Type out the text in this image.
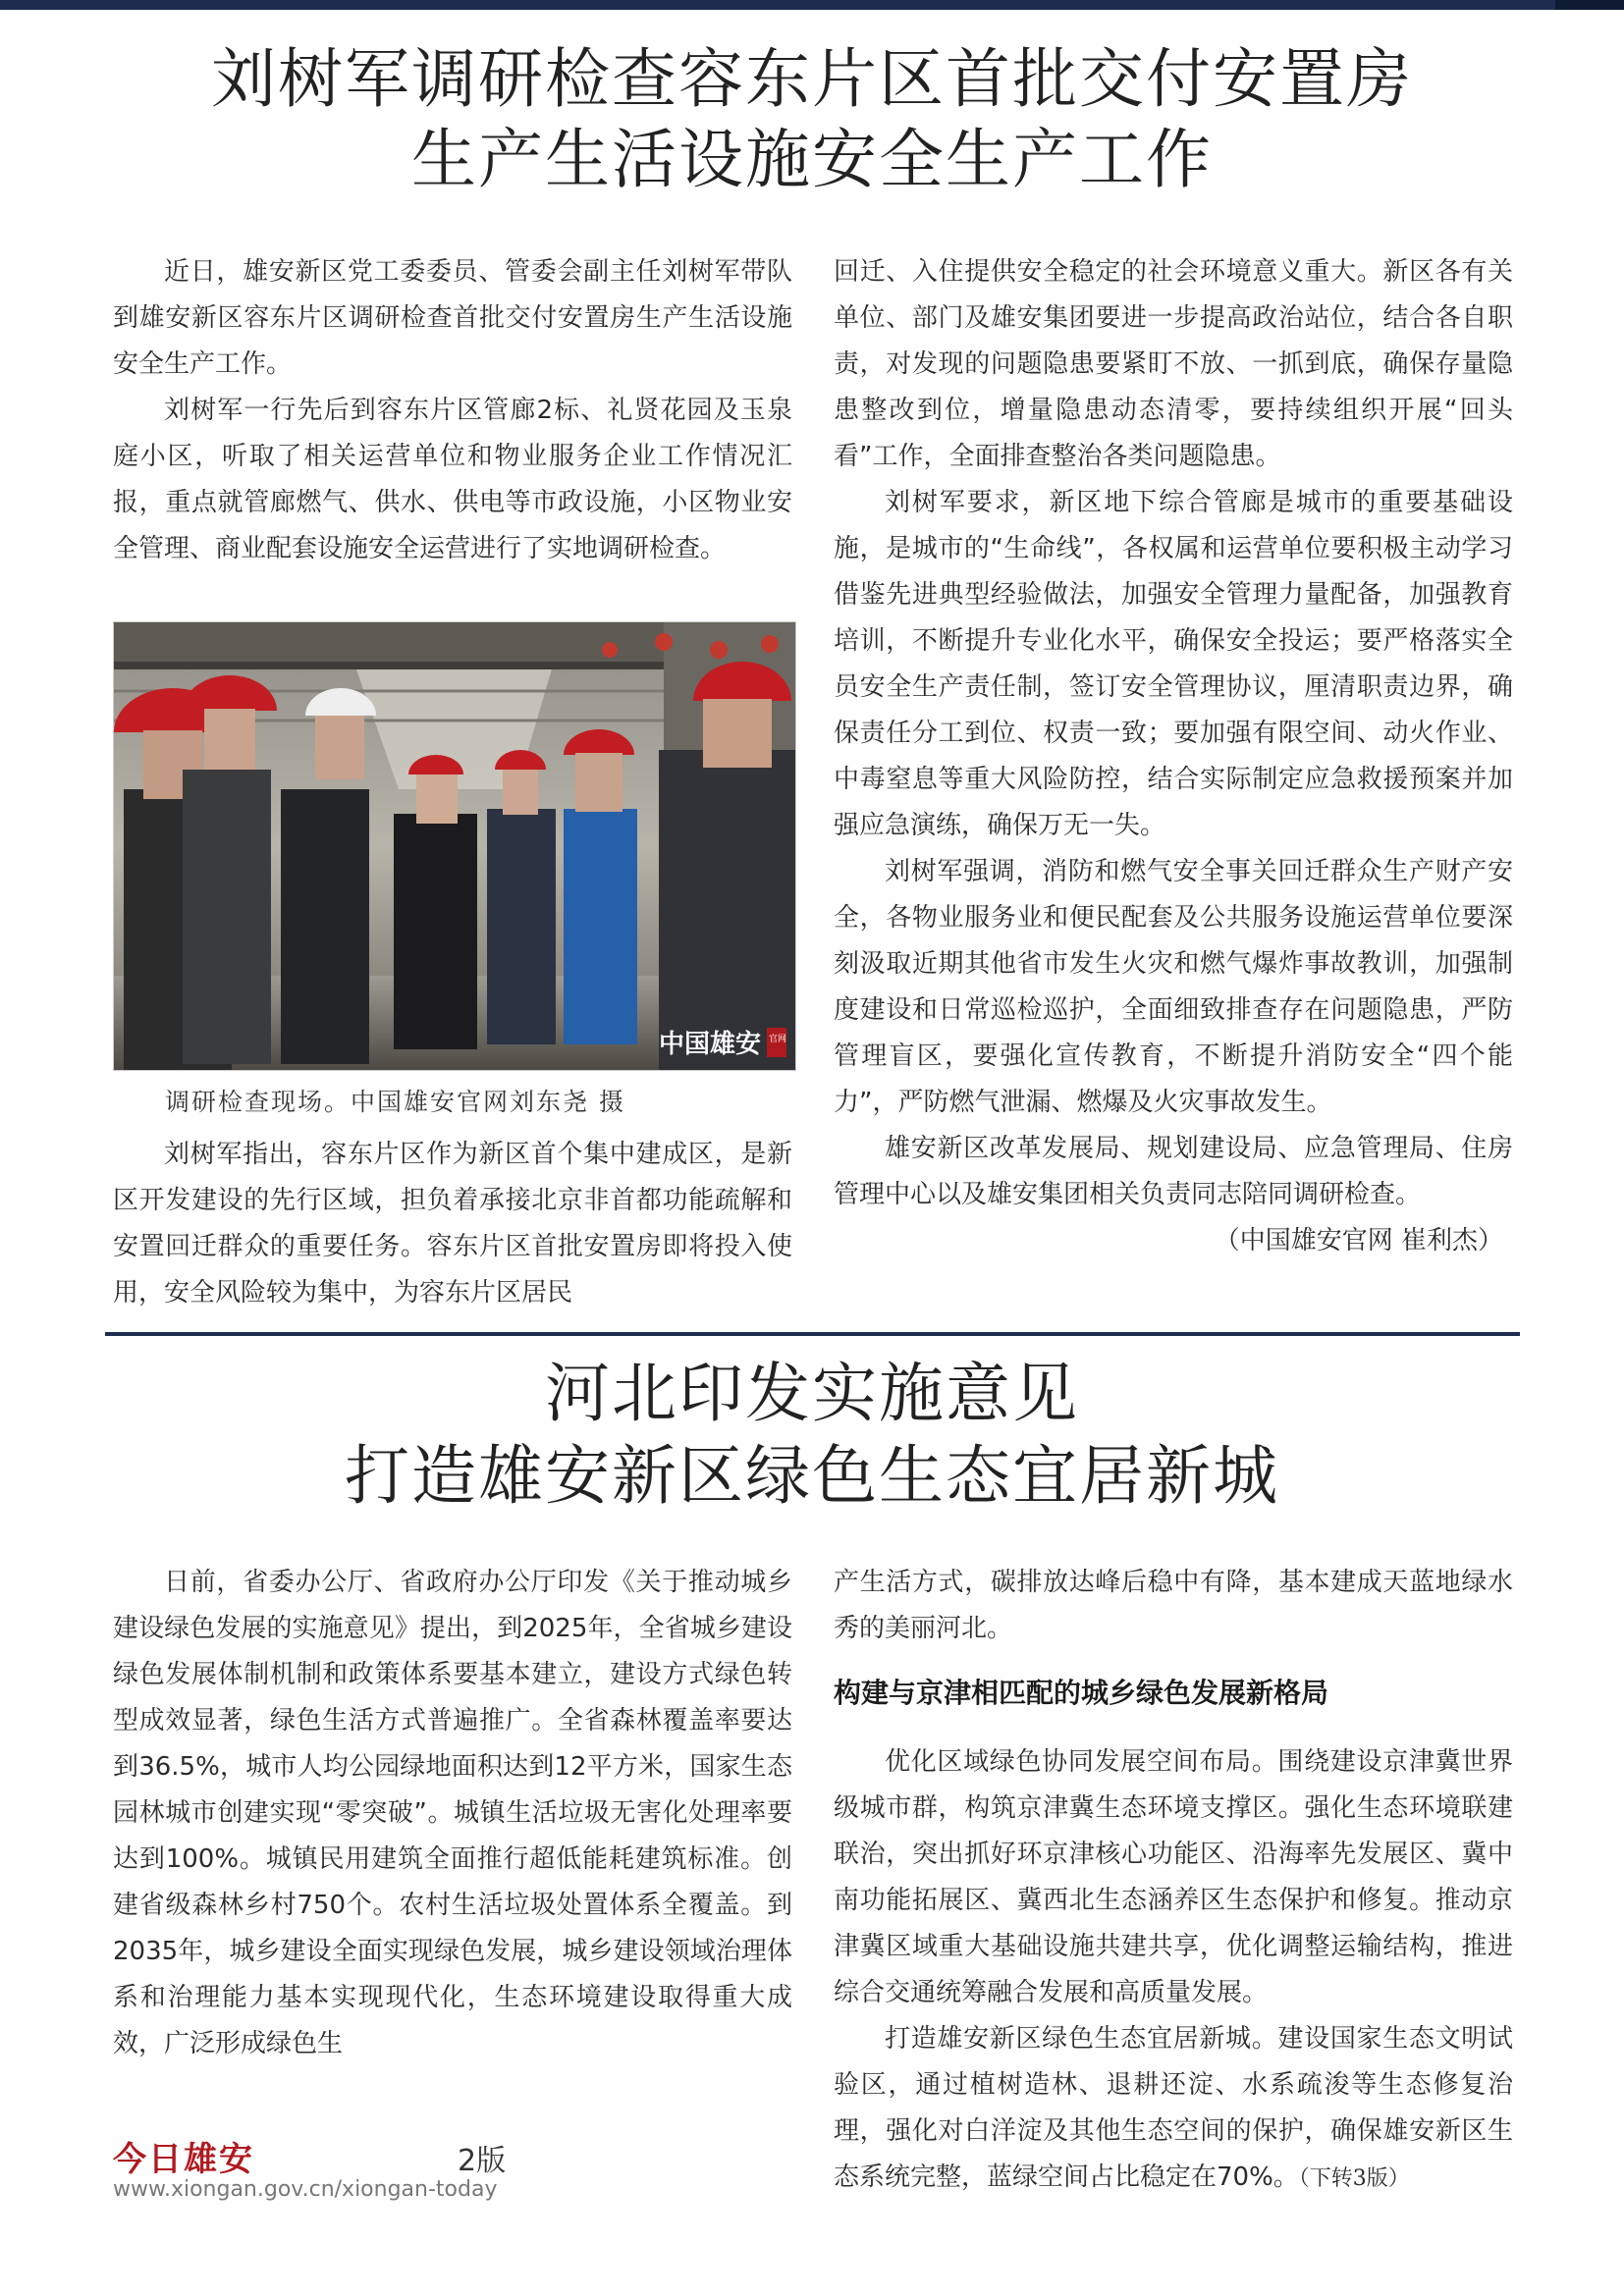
刘树军调研检查容东片区首批交付安置房
生产生活设施安全生产工作

近日，雄安新区党工委委员、管委会副主任刘树军带队到雄安新区容东片区调研检查首批交付安置房生产生活设施安全生产工作。

刘树军一行先后到容东片区管廊2标、礼贤花园及玉泉庭小区，听取了相关运营单位和物业服务企业工作情况汇报，重点就管廊燃气、供水、供电等市政设施，小区物业安全管理、商业配套设施安全运营进行了实地调研检查。

中国雄安 官网
调研检查现场。中国雄安官网刘东尧 摄

刘树军指出，容东片区作为新区首个集中建成区，是新区开发建设的先行区域，担负着承接北京非首都功能疏解和安置回迁群众的重要任务。容东片区首批安置房即将投入使用，安全风险较为集中，为容东片区居民

回迁、入住提供安全稳定的社会环境意义重大。新区各有关单位、部门及雄安集团要进一步提高政治站位，结合各自职责，对发现的问题隐患要紧盯不放、一抓到底，确保存量隐患整改到位，增量隐患动态清零，要持续组织开展“回头看”工作，全面排查整治各类问题隐患。

刘树军要求，新区地下综合管廊是城市的重要基础设施，是城市的“生命线”，各权属和运营单位要积极主动学习借鉴先进典型经验做法，加强安全管理力量配备，加强教育培训，不断提升专业化水平，确保安全投运；要严格落实全员安全生产责任制，签订安全管理协议，厘清职责边界，确保责任分工到位、权责一致；要加强有限空间、动火作业、中毒窒息等重大风险防控，结合实际制定应急救援预案并加强应急演练，确保万无一失。

刘树军强调，消防和燃气安全事关回迁群众生产财产安全，各物业服务业和便民配套及公共服务设施运营单位要深刻汲取近期其他省市发生火灾和燃气爆炸事故教训，加强制度建设和日常巡检巡护，全面细致排查存在问题隐患，严防管理盲区，要强化宣传教育，不断提升消防安全“四个能力”，严防燃气泄漏、燃爆及火灾事故发生。

雄安新区改革发展局、规划建设局、应急管理局、住房管理中心以及雄安集团相关负责同志陪同调研检查。

（中国雄安官网 崔利杰）

河北印发实施意见
打造雄安新区绿色生态宜居新城

日前，省委办公厅、省政府办公厅印发《关于推动城乡建设绿色发展的实施意见》提出，到2025年，全省城乡建设绿色发展体制机制和政策体系要基本建立，建设方式绿色转型成效显著，绿色生活方式普遍推广。全省森林覆盖率要达到36.5%，城市人均公园绿地面积达到12平方米，国家生态园林城市创建实现“零突破”。城镇生活垃圾无害化处理率要达到100%。城镇民用建筑全面推行超低能耗建筑标准。创建省级森林乡村750个。农村生活垃圾处置体系全覆盖。到2035年，城乡建设全面实现绿色发展，城乡建设领域治理体系和治理能力基本实现现代化，生态环境建设取得重大成效，广泛形成绿色生

产生活方式，碳排放达峰后稳中有降，基本建成天蓝地绿水秀的美丽河北。

构建与京津相匹配的城乡绿色发展新格局

优化区域绿色协同发展空间布局。围绕建设京津冀世界级城市群，构筑京津冀生态环境支撑区。强化生态环境联建联治，突出抓好环京津核心功能区、沿海率先发展区、冀中南功能拓展区、冀西北生态涵养区生态保护和修复。推动京津冀区域重大基础设施共建共享，优化调整运输结构，推进综合交通统筹融合发展和高质量发展。

打造雄安新区绿色生态宜居新城。建设国家生态文明试验区，通过植树造林、退耕还淀、水系疏浚等生态修复治理，强化对白洋淀及其他生态空间的保护，确保雄安新区生态系统完整，蓝绿空间占比稳定在70%。（下转3版）

今日雄安	2版
www.xiongan.gov.cn/xiongan-today
